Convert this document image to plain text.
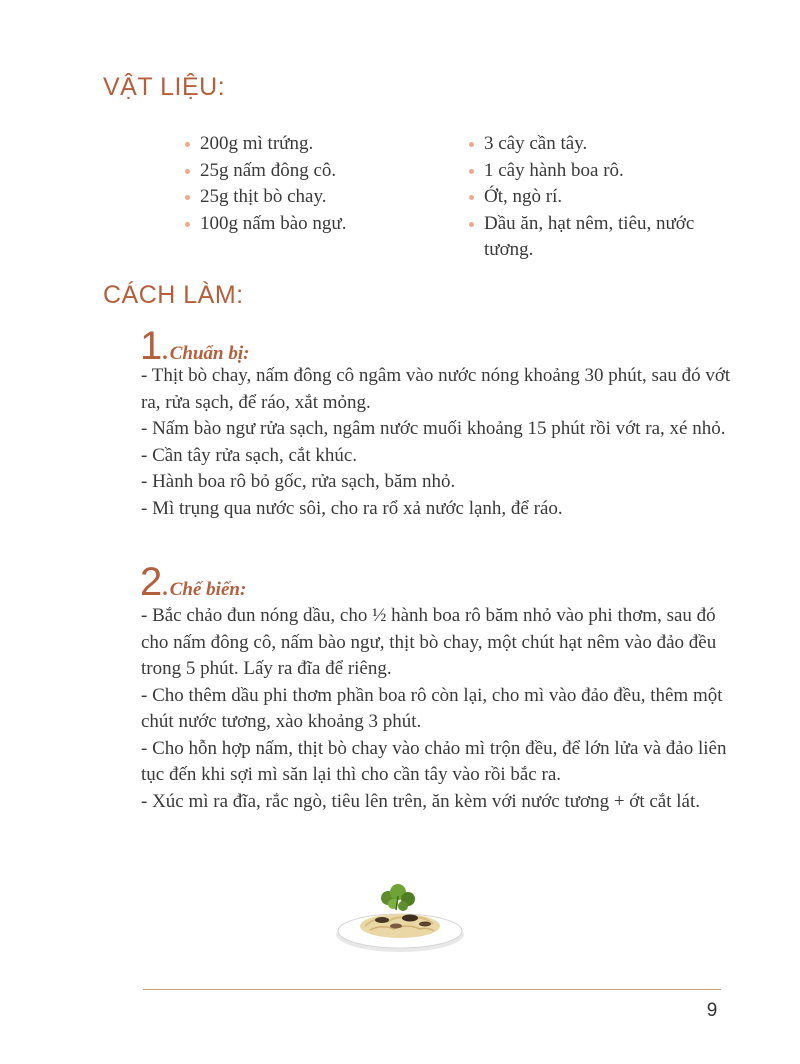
VẬT LIỆU:
200g mì trứng.
25g nấm đông cô.
25g thịt bò chay.
100g nấm bào ngư.
3 cây cần tây.
1 cây hành boa rô.
Ớt, ngò rí.
Dầu ăn, hạt nêm, tiêu, nước tương.
CÁCH LÀM:
1 . Chuẩn bị:

- Thịt bò chay, nấm đông cô ngâm vào nước nóng khoảng 30 phút, sau đó vớt ra, rửa sạch, để ráo, xắt mỏng.

- Nấm bào ngư rửa sạch, ngâm nước muối khoảng 15 phút rồi vớt ra, xé nhỏ.

- Cần tây rửa sạch, cắt khúc.

- Hành boa rô bỏ gốc, rửa sạch, băm nhỏ.

- Mì trụng qua nước sôi, cho ra rổ xả nước lạnh, để ráo.

2 . Chế biến:

- Bắc chảo đun nóng dầu, cho ½ hành boa rô băm nhỏ vào phi thơm, sau đó cho nấm đông cô, nấm bào ngư, thịt bò chay, một chút hạt nêm vào đảo đều trong 5 phút. Lấy ra đĩa để riêng.

- Cho thêm dầu phi thơm phần boa rô còn lại, cho mì vào đảo đều, thêm một chút nước tương, xào khoảng 3 phút.

- Cho hỗn hợp nấm, thịt bò chay vào chảo mì trộn đều, để lớn lửa và đảo liên tục đến khi sợi mì săn lại thì cho cần tây vào rồi bắc ra.

- Xúc mì ra đĩa, rắc ngò, tiêu lên trên, ăn kèm với nước tương + ớt cắt lát.

9
